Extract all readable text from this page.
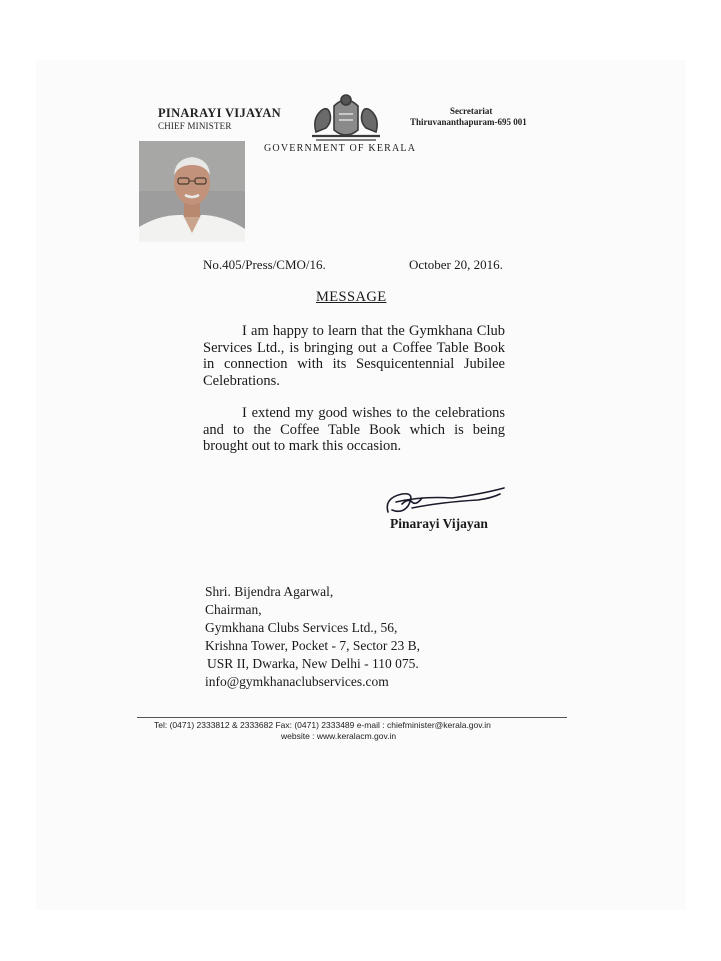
PINARAYI VIJAYAN
CHIEF MINISTER
GOVERNMENT OF KERALA
Secretariat
Thiruvananthapuram-695 001
No.405/Press/CMO/16.	October 20, 2016.
MESSAGE

I am happy to learn that the Gymkhana Club Services Ltd., is bringing out a Coffee Table Book in connection with its Sesquicentennial Jubilee Celebrations.

I extend my good wishes to the celebrations and to the Coffee Table Book which is being brought out to mark this occasion.

Pinarayi Vijayan
Shri. Bijendra Agarwal,
Chairman,
Gymkhana Clubs Services Ltd., 56,
Krishna Tower, Pocket - 7, Sector 23 B,
USR II, Dwarka, New Delhi - 110 075.
info@gymkhanaclubservices.com
Tel: (0471) 2333812 & 2333682 Fax: (0471) 2333489 e-mail : chiefminister@kerala.gov.in
website : www.keralacm.gov.in
